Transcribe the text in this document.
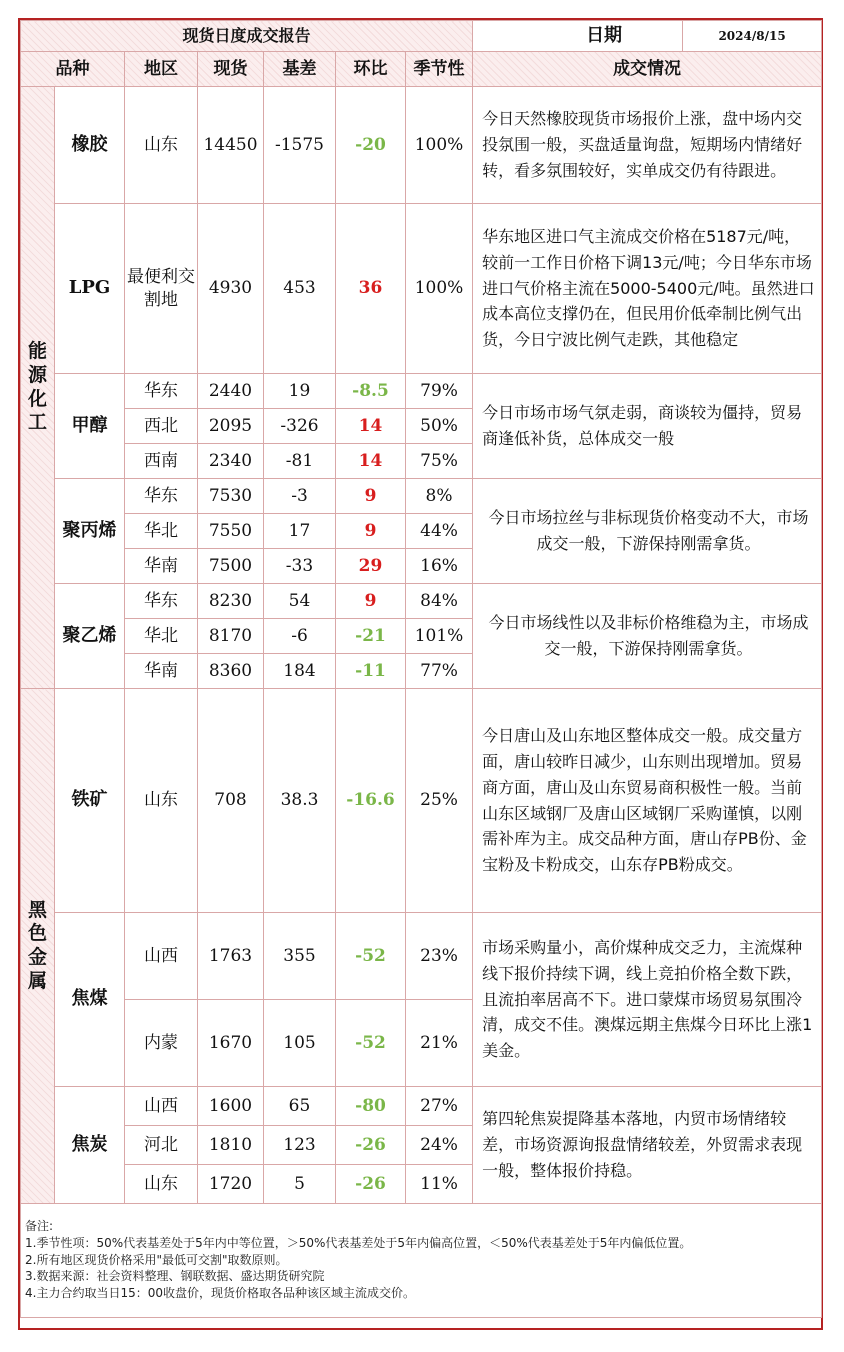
现货日度成交报告							日期	2024/8/15
品种		地区	现货	基差	环比	季节性	成交情况	

能
源
化
工	橡胶	山东	14450	-1575	-20	100%	今日天然橡胶现货市场报价上涨，盘中场内交投氛围一般，买盘适量询盘，短期场内情绪好转，看多氛围较好，实单成交仍有待跟进。	
	LPG	最便利交割地	4930	453	36	100%	华东地区进口气主流成交价格在5187元/吨，较前一工作日价格下调13元/吨；今日华东市场进口气价格主流在5000-5400元/吨。虽然进口成本高位支撑仍在，但民用价低牵制比例气出货，今日宁波比例气走跌，其他稳定	
	甲醇	华东	2440	19	-8.5	79%	今日市场市场气氛走弱，商谈较为僵持，贸易商逢低补货，总体成交一般	
		西北	2095	-326	14	50%		
		西南	2340	-81	14	75%		
	聚丙烯	华东	7530	-3	9	8%	今日市场拉丝与非标现货价格变动不大，市场成交一般，下游保持刚需拿货。	
		华北	7550	17	9	44%		
		华南	7500	-33	29	16%		
	聚乙烯	华东	8230	54	9	84%	今日市场线性以及非标价格维稳为主，市场成交一般，下游保持刚需拿货。	
		华北	8170	-6	-21	101%		
		华南	8360	184	-11	77%		

黑
色
金
属	铁矿	山东	708	38.3	-16.6	25%	今日唐山及山东地区整体成交一般。成交量方面，唐山较昨日减少，山东则出现增加。贸易商方面，唐山及山东贸易商积极性一般。当前山东区域钢厂及唐山区域钢厂采购谨慎，以刚需补库为主。成交品种方面，唐山存PB份、金宝粉及卡粉成交，山东存PB粉成交。	
	焦煤	山西	1763	355	-52	23%	市场采购量小，高价煤种成交乏力，主流煤种线下报价持续下调，线上竞拍价格全数下跌，且流拍率居高不下。进口蒙煤市场贸易氛围冷清，成交不佳。澳煤远期主焦煤今日环比上涨1美金。	
		内蒙	1670	105	-52	21%		
	焦炭	山西	1600	65	-80	27%	第四轮焦炭提降基本落地，内贸市场情绪较差，市场资源询报盘情绪较差，外贸需求表现一般，整体报价持稳。	
		河北	1810	123	-26	24%		
		山东	1720	5	-26	11%		

备注:
1.季节性项：50%代表基差处于5年内中等位置，＞50%代表基差处于5年内偏高位置，＜50%代表基差处于5年内偏低位置。
2.所有地区现货价格采用"最低可交割"取数原则。
3.数据来源：社会资料整理、钢联数据、盛达期货研究院
4.主力合约取当日15：00收盘价，现货价格取各品种该区域主流成交价。								
